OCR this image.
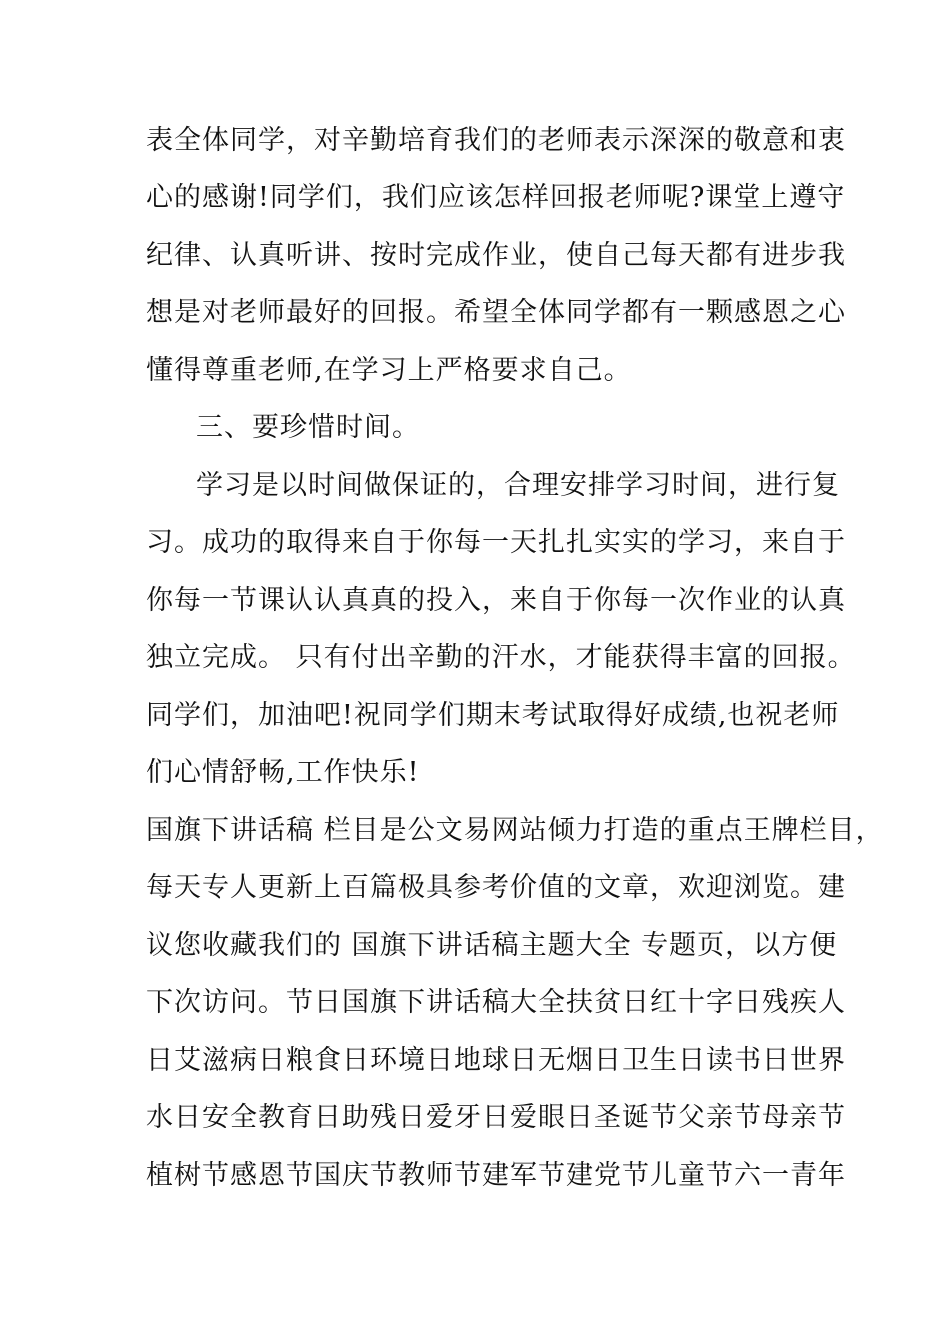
表全体同学，对辛勤培育我们的老师表示深深的敬意和衷
心的感谢!同学们，我们应该怎样回报老师呢?课堂上遵守
纪律、认真听讲、按时完成作业，使自己每天都有进步我
想是对老师最好的回报。希望全体同学都有一颗感恩之心
懂得尊重老师,在学习上严格要求自己。
三、要珍惜时间。
学习是以时间做保证的，合理安排学习时间，进行复
习。成功的取得来自于你每一天扎扎实实的学习，来自于
你每一节课认认真真的投入，来自于你每一次作业的认真
独立完成。 只有付出辛勤的汗水，才能获得丰富的回报。
同学们，加油吧!祝同学们期末考试取得好成绩,也祝老师
们心情舒畅,工作快乐!
国旗下讲话稿 栏目是公文易网站倾力打造的重点王牌栏目，
每天专人更新上百篇极具参考价值的文章，欢迎浏览。建
议您收藏我们的 国旗下讲话稿主题大全 专题页，以方便
下次访问。节日国旗下讲话稿大全扶贫日红十字日残疾人
日艾滋病日粮食日环境日地球日无烟日卫生日读书日世界
水日安全教育日助残日爱牙日爱眼日圣诞节父亲节母亲节
植树节感恩节国庆节教师节建军节建党节儿童节六一青年
